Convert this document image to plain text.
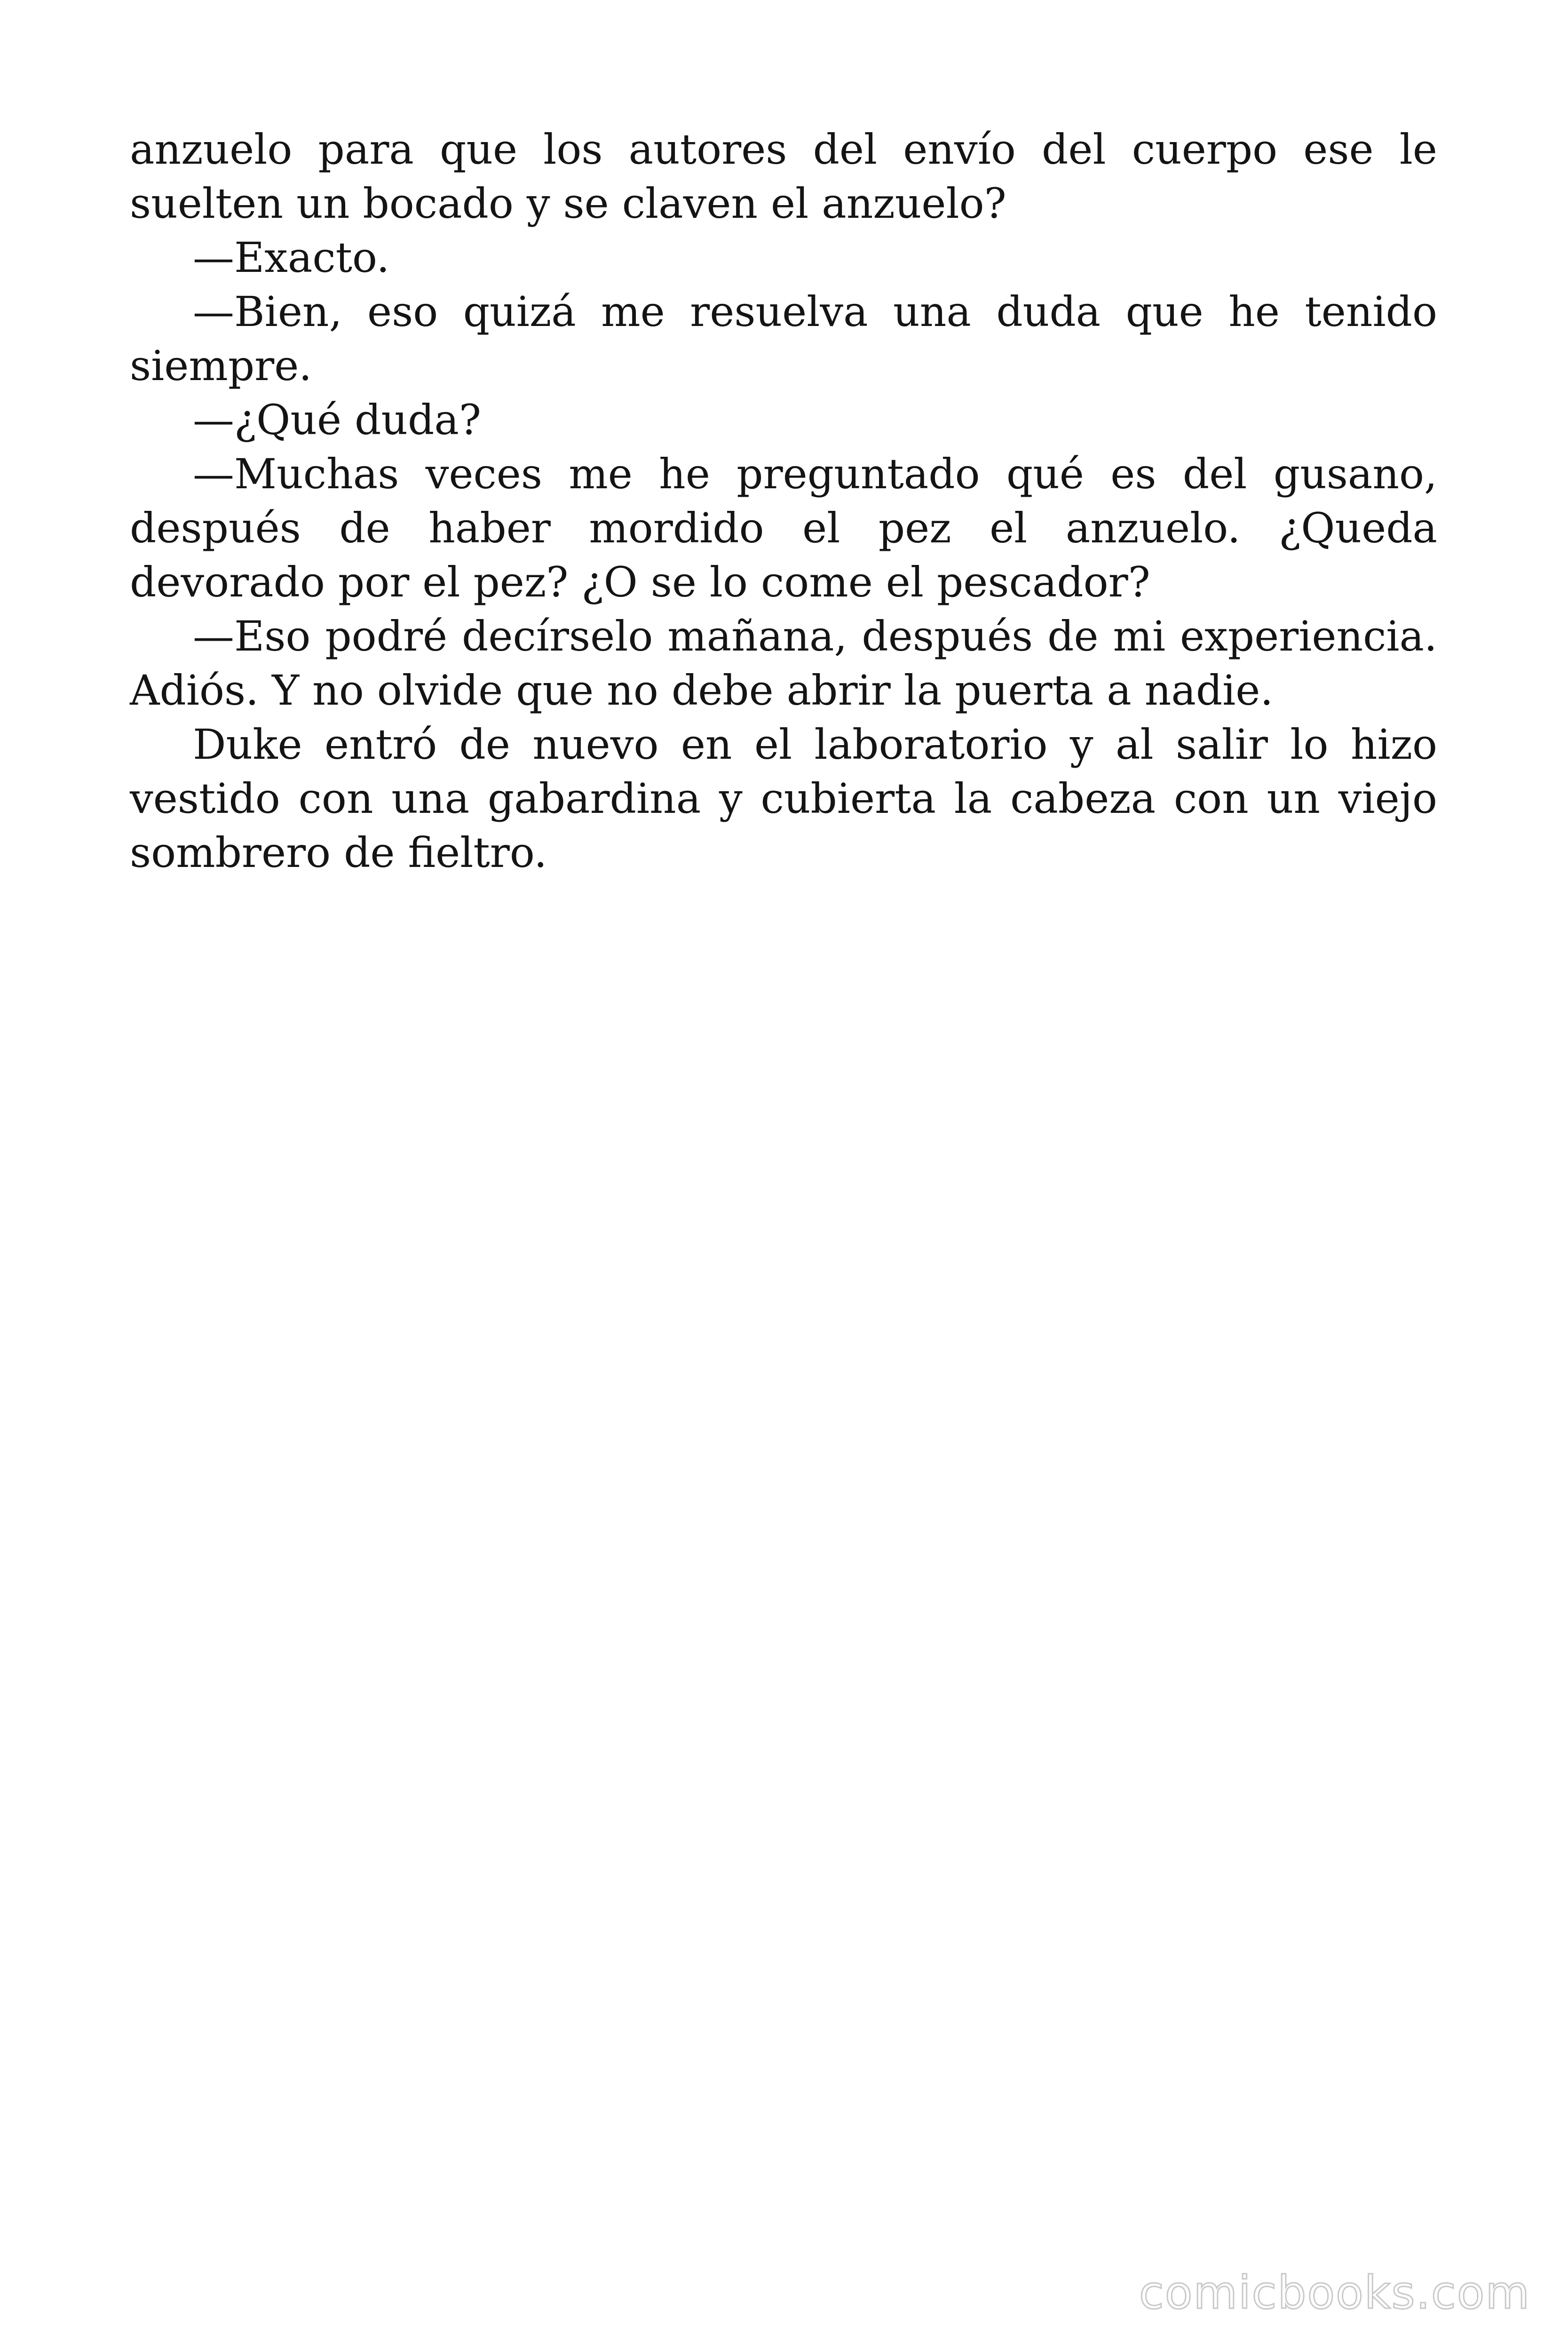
anzuelo para que los autores del envío del cuerpo ese le suelten un bocado y se claven el anzuelo?

—Exacto.

—Bien, eso quizá me resuelva una duda que he tenido siempre.

—¿Qué duda?

—Muchas veces me he preguntado qué es del gusano, después de haber mordido el pez el anzuelo. ¿Queda devorado por el pez? ¿O se lo come el pescador?

—Eso podré decírselo mañana, después de mi experiencia. Adiós. Y no olvide que no debe abrir la puerta a nadie.

Duke entró de nuevo en el laboratorio y al salir lo hizo vestido con una gabardina y cubierta la cabeza con un viejo sombrero de fieltro.

comicbooks.com
